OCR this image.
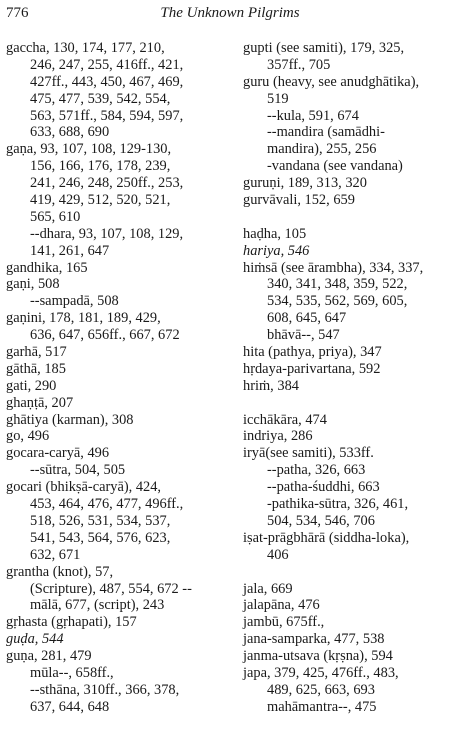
776	The Unknown Pilgrims
gaccha, 130, 174, 177, 210,
246, 247, 255, 416ff., 421,
427ff., 443, 450, 467, 469,
475, 477, 539, 542, 554,
563, 571ff., 584, 594, 597,
633, 688, 690
gaṇa, 93, 107, 108, 129-130,
156, 166, 176, 178, 239,
241, 246, 248, 250ff., 253,
419, 429, 512, 520, 521,
565, 610
--dhara, 93, 107, 108, 129,
141, 261, 647
gandhika, 165
gaṇi, 508
--sampadā, 508
gaṇini, 178, 181, 189, 429,
636, 647, 656ff., 667, 672
garhā, 517
gāthā, 185
gati, 290
ghaṇṭā, 207
ghātiya (karman), 308
go, 496
gocara-caryā, 496
--sūtra, 504, 505
gocari (bhikṣā-caryā), 424,
453, 464, 476, 477, 496ff.,
518, 526, 531, 534, 537,
541, 543, 564, 576, 623,
632, 671
grantha (knot), 57,
(Scripture), 487, 554, 672 --
mālā, 677, (script), 243
gṛhasta (gṛhapati), 157
guḍa, 544
guṇa, 281, 479
mūla--, 658ff.,
--sthāna, 310ff., 366, 378,
637, 644, 648
gupti (see samiti), 179, 325,
357ff., 705
guru (heavy, see anudghātika),
519
--kula, 591, 674
--mandira (samādhi-
mandira), 255, 256
-vandana (see vandana)
guruṇi, 189, 313, 320
gurvāvali, 152, 659
haḍha, 105
hariya, 546
hiṁsā (see ārambha), 334, 337,
340, 341, 348, 359, 522,
534, 535, 562, 569, 605,
608, 645, 647
bhāvā--, 547
hita (pathya, priya), 347
hṛdaya-parivartana, 592
hriṁ, 384
icchākāra, 474
indriya, 286
iryā(see samiti), 533ff.
--patha, 326, 663
--patha-śuddhi, 663
-pathika-sūtra, 326, 461,
504, 534, 546, 706
iṣat-prāgbhārā (siddha-loka),
406
jala, 669
jalapāna, 476
jambū, 675ff.,
jana-samparka, 477, 538
janma-utsava (kṛṣna), 594
japa, 379, 425, 476ff., 483,
489, 625, 663, 693
mahāmantra--, 475
